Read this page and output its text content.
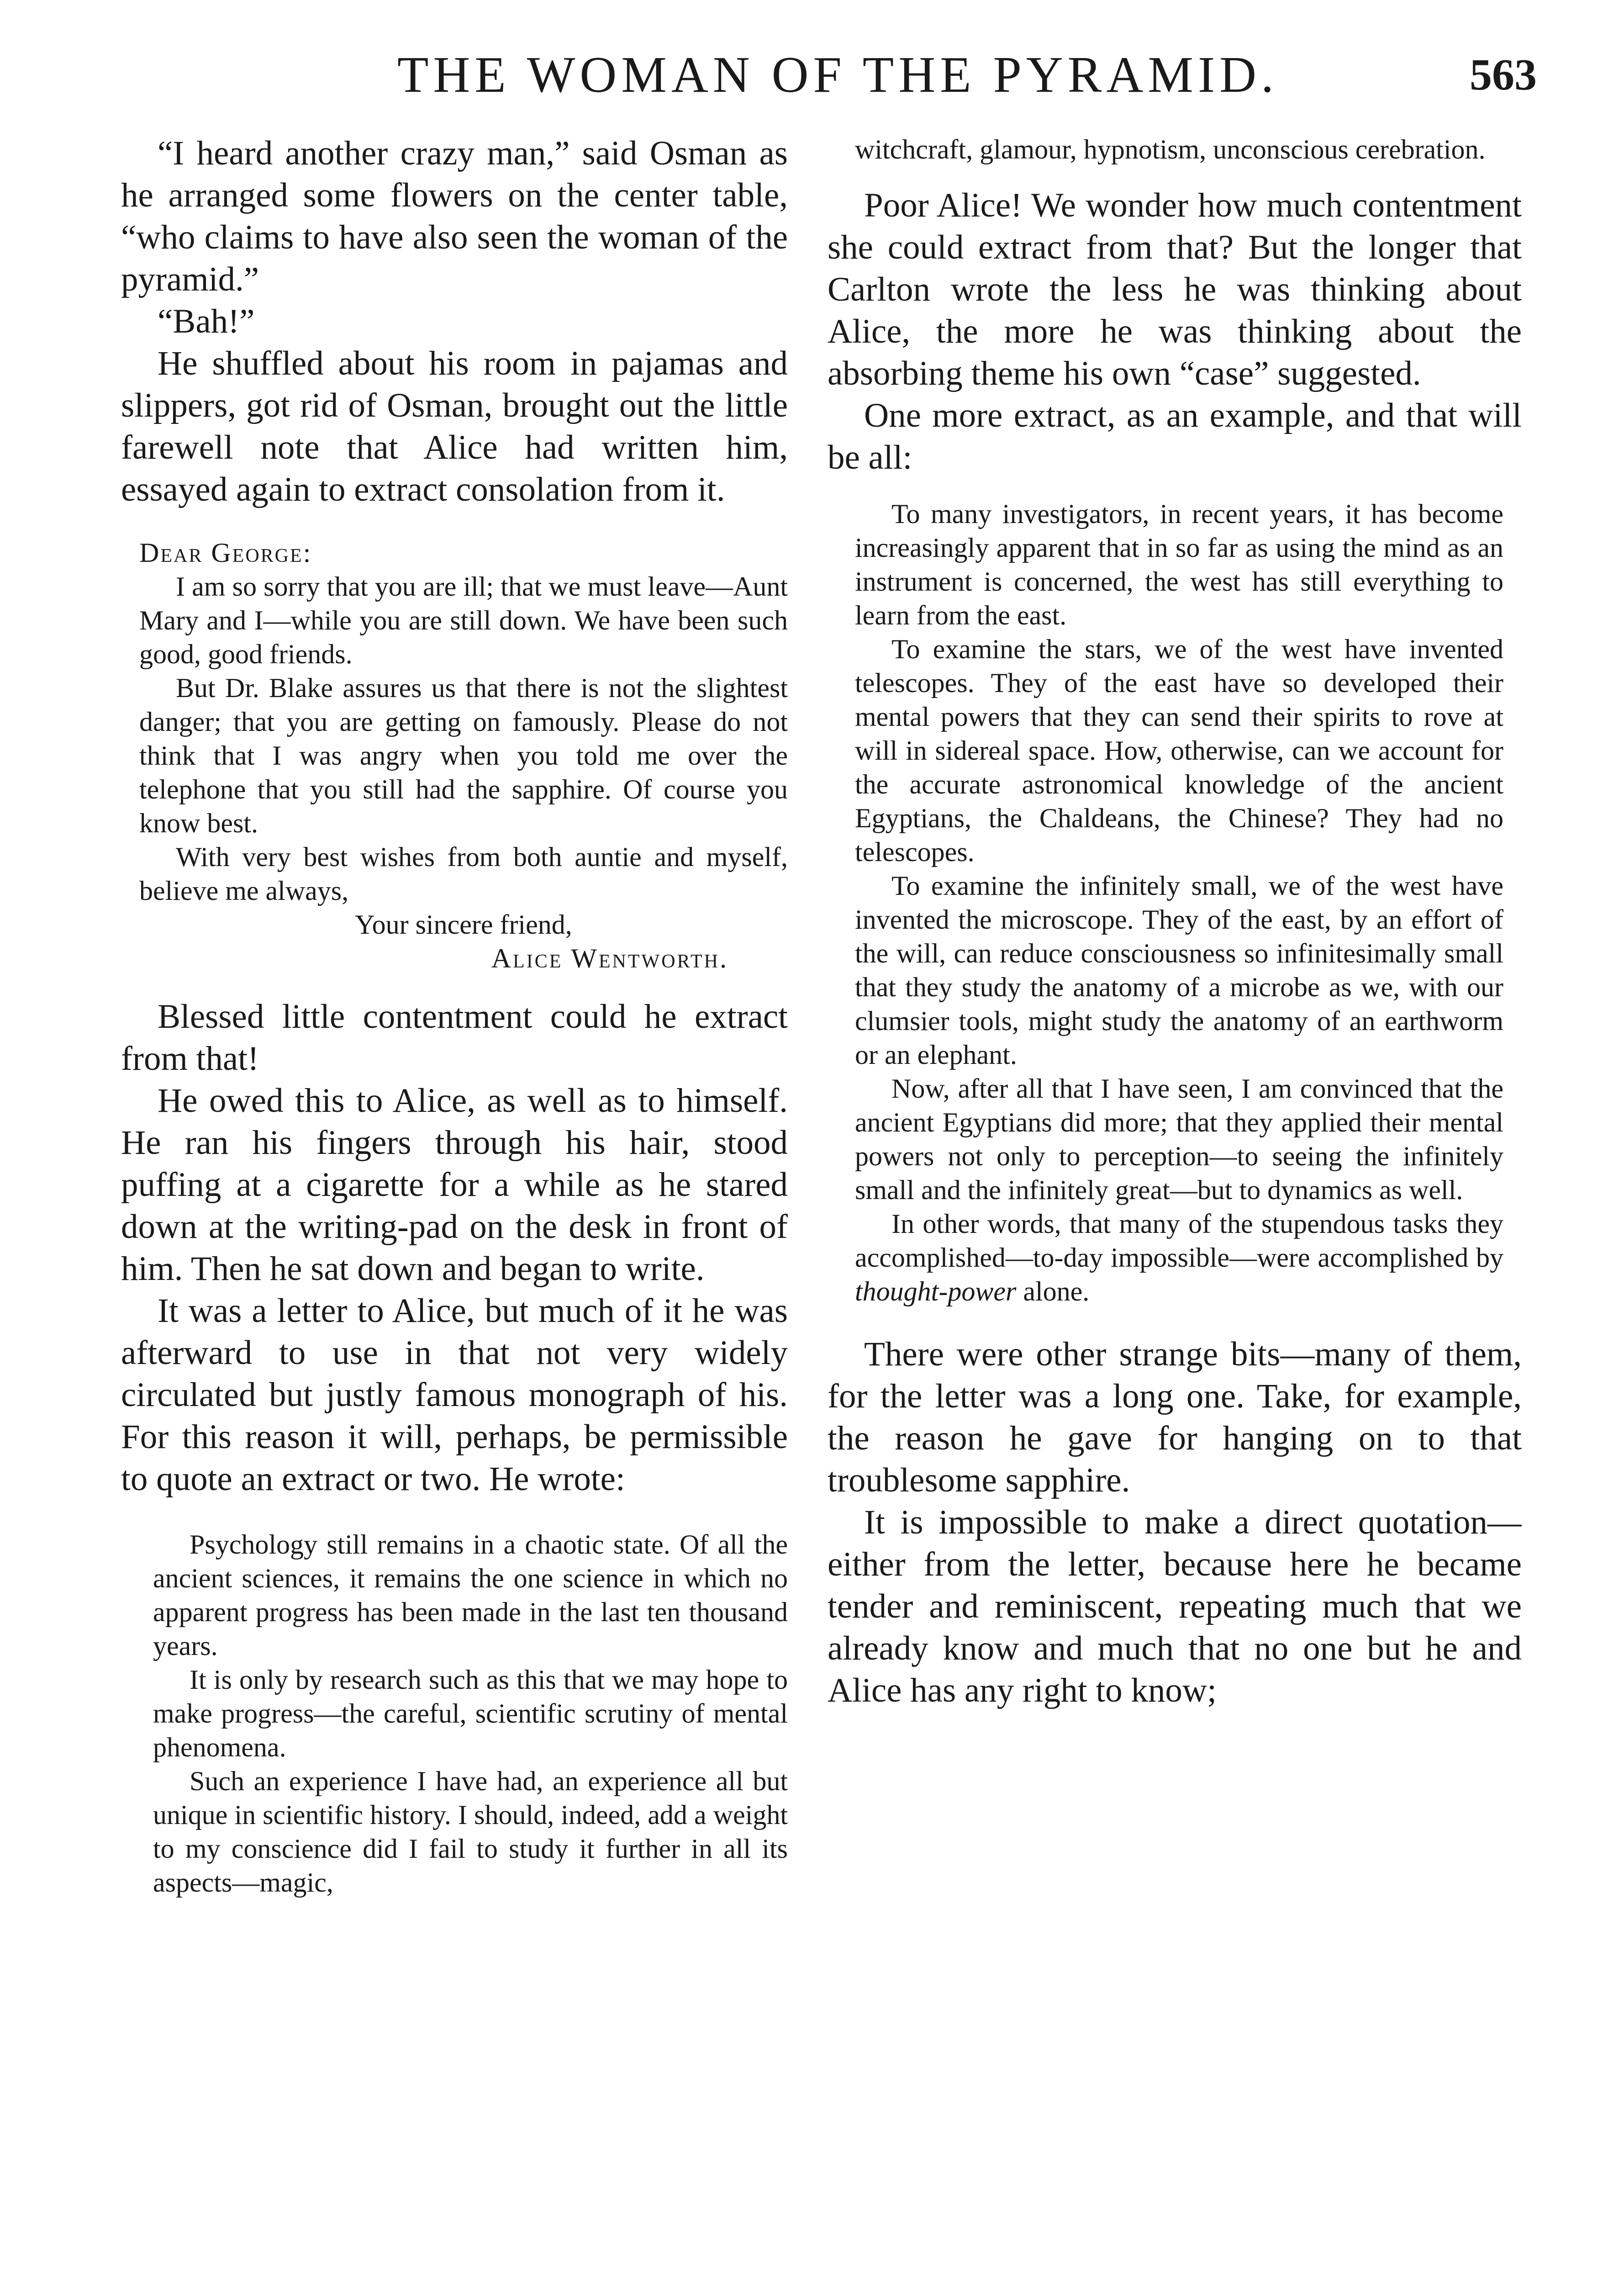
THE WOMAN OF THE PYRAMID.	563

“I heard another crazy man,” said Osman as he arranged some flowers on the center table, “who claims to have also seen the woman of the pyramid.”

“Bah!”

He shuffled about his room in pajamas and slippers, got rid of Osman, brought out the little farewell note that Alice had written him, essayed again to extract consolation from it.

Dear George:

I am so sorry that you are ill; that we must leave—Aunt Mary and I—while you are still down. We have been such good, good friends.

But Dr. Blake assures us that there is not the slightest danger; that you are getting on famously. Please do not think that I was angry when you told me over the telephone that you still had the sapphire. Of course you know best.

With very best wishes from both auntie and myself, believe me always,

Your sincere friend,

Alice Wentworth.

Blessed little contentment could he extract from that!

He owed this to Alice, as well as to himself. He ran his fingers through his hair, stood puffing at a cigarette for a while as he stared down at the writing-pad on the desk in front of him. Then he sat down and began to write.

It was a letter to Alice, but much of it he was afterward to use in that not very widely circulated but justly famous monograph of his. For this reason it will, perhaps, be permissible to quote an extract or two. He wrote:

Psychology still remains in a chaotic state. Of all the ancient sciences, it remains the one science in which no apparent progress has been made in the last ten thousand years.

It is only by research such as this that we may hope to make progress—the careful, scientific scrutiny of mental phenomena.

Such an experience I have had, an experience all but unique in scientific history. I should, indeed, add a weight to my conscience did I fail to study it further in all its aspects—magic,

witchcraft, glamour, hypnotism, unconscious cerebration.

Poor Alice! We wonder how much contentment she could extract from that? But the longer that Carlton wrote the less he was thinking about Alice, the more he was thinking about the absorbing theme his own “case” suggested.

One more extract, as an example, and that will be all:

To many investigators, in recent years, it has become increasingly apparent that in so far as using the mind as an instrument is concerned, the west has still everything to learn from the east.

To examine the stars, we of the west have invented telescopes. They of the east have so developed their mental powers that they can send their spirits to rove at will in sidereal space. How, otherwise, can we account for the accurate astronomical knowledge of the ancient Egyptians, the Chaldeans, the Chinese? They had no telescopes.

To examine the infinitely small, we of the west have invented the microscope. They of the east, by an effort of the will, can reduce consciousness so infinitesimally small that they study the anatomy of a microbe as we, with our clumsier tools, might study the anatomy of an earthworm or an elephant.

Now, after all that I have seen, I am convinced that the ancient Egyptians did more; that they applied their mental powers not only to perception—to seeing the infinitely small and the infinitely great—but to dynamics as well.

In other words, that many of the stupendous tasks they accomplished—to-day impossible—were accomplished by thought-power alone.

There were other strange bits—many of them, for the letter was a long one. Take, for example, the reason he gave for hanging on to that troublesome sapphire.

It is impossible to make a direct quotation—either from the letter, because here he became tender and reminiscent, repeating much that we already know and much that no one but he and Alice has any right to know;
